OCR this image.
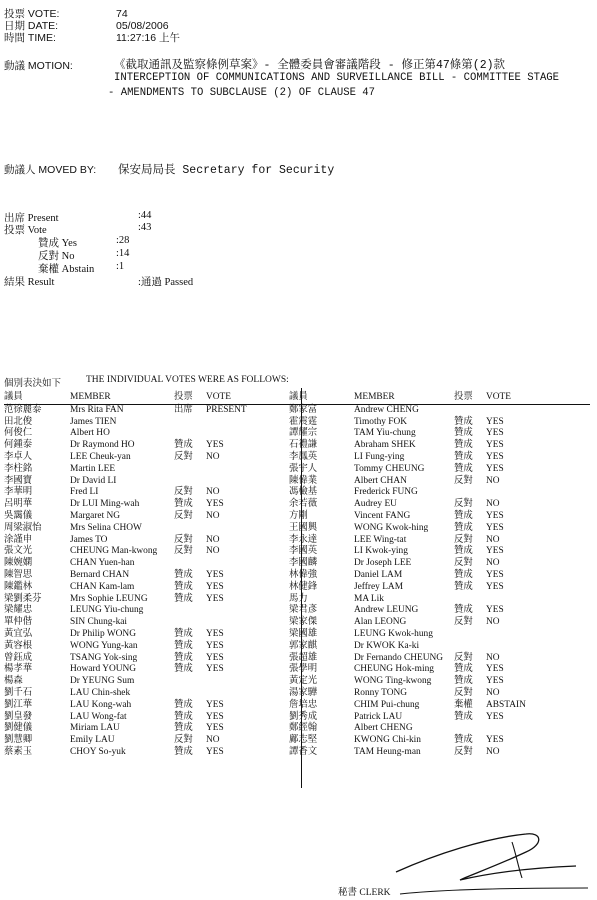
投票 VOTE:	74
日期 DATE:	05/08/2006
時間 TIME:	11:27:16 上午
動議 MOTION:	《截取通訊及監察條例草案》- 全體委員會審議階段 - 修正第47條第(2)款
INTERCEPTION OF COMMUNICATIONS AND SURVEILLANCE BILL - COMMITTEE STAGE
- AMENDMENTS TO SUBCLAUSE (2) OF CLAUSE 47
動議人 MOVED BY: 保安局局長 Secretary for Security
出席 Present	:44
投票 Vote	:43
贊成 Yes	:28
反對 No	:14
棄權 Abstain :1
結果 Result	:通過 Passed
個別表決如下	THE INDIVIDUAL VOTES WERE AS FOLLOWS:
議員	MEMBER	投票	VOTE
范徐麗泰	Mrs Rita FAN	出席	PRESENT
田北俊	James TIEN		
何俊仁	Albert HO		
何鍾泰	Dr Raymond HO	贊成	YES
李卓人	LEE Cheuk-yan	反對	NO
李柱銘	Martin LEE		
李國寶	Dr David LI		
李華明	Fred LI	反對	NO
呂明華	Dr LUI Ming-wah	贊成	YES
吳靄儀	Margaret NG	反對	NO
周梁淑怡	Mrs Selina CHOW		
涂謹申	James TO	反對	NO
張文光	CHEUNG Man-kwong	反對	NO
陳婉嫻	CHAN Yuen-han		
陳智思	Bernard CHAN	贊成	YES
陳鑑林	CHAN Kam-lam	贊成	YES
梁劉柔芬	Mrs Sophie LEUNG	贊成	YES
梁耀忠	LEUNG Yiu-chung		
單仲偕	SIN Chung-kai		
黃宜弘	Dr Philip WONG	贊成	YES
黃容根	WONG Yung-kan	贊成	YES
曾鈺成	TSANG Yok-sing	贊成	YES
楊孝華	Howard YOUNG	贊成	YES
楊森	Dr YEUNG Sum		
劉千石	LAU Chin-shek		
劉江華	LAU Kong-wah	贊成	YES
劉皇發	LAU Wong-fat	贊成	YES
劉健儀	Miriam LAU	贊成	YES
劉慧卿	Emily LAU	反對	NO
蔡素玉	CHOY So-yuk	贊成	YES
議員	MEMBER	投票	VOTE
鄭家富	Andrew CHENG		
霍震霆	Timothy FOK	贊成	YES
譚耀宗	TAM Yiu-chung	贊成	YES
石禮謙	Abraham SHEK	贊成	YES
李鳳英	LI Fung-ying	贊成	YES
張宇人	Tommy CHEUNG	贊成	YES
陳偉業	Albert CHAN	反對	NO
馮檢基	Frederick FUNG		
余若薇	Audrey EU	反對	NO
方剛	Vincent FANG	贊成	YES
王國興	WONG Kwok-hing	贊成	YES
李永達	LEE Wing-tat	反對	NO
李國英	LI Kwok-ying	贊成	YES
李國麟	Dr Joseph LEE	反對	NO
林偉強	Daniel LAM	贊成	YES
林健鋒	Jeffrey LAM	贊成	YES
馬力	MA Lik		
梁君彥	Andrew LEUNG	贊成	YES
梁家傑	Alan LEONG	反對	NO
梁國雄	LEUNG Kwok-hung		
郭家麒	Dr KWOK Ka-ki		
張超雄	Dr Fernando CHEUNG	反對	NO
張學明	CHEUNG Hok-ming	贊成	YES
黃定光	WONG Ting-kwong	贊成	YES
湯家驊	Ronny TONG	反對	NO
詹培忠	CHIM Pui-chung	棄權	ABSTAIN
劉秀成	Patrick LAU	贊成	YES
鄭經翰	Albert CHENG		
鄺志堅	KWONG Chi-kin	贊成	YES
譚香文	TAM Heung-man	反對	NO
秘書 CLERK
